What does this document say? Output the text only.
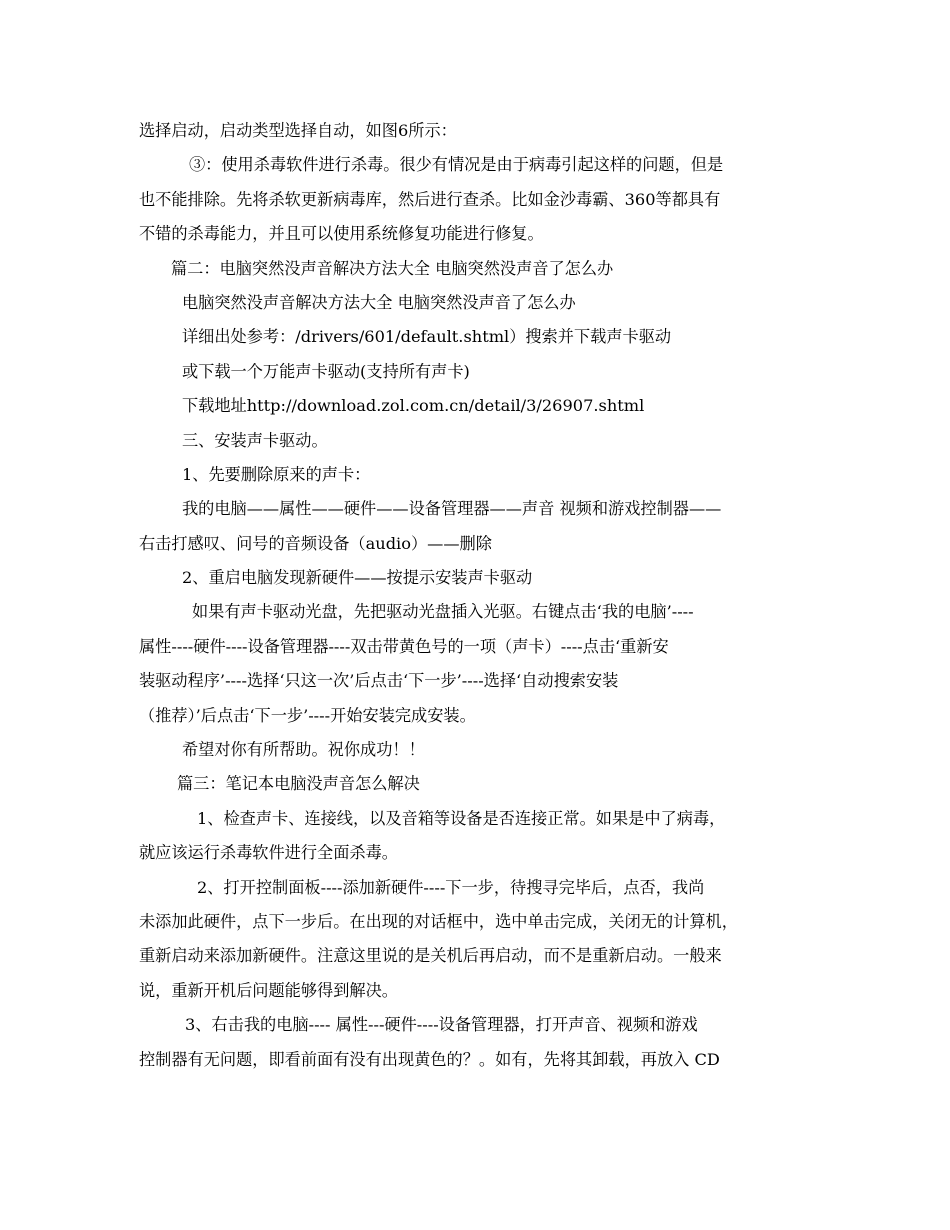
选择启动，启动类型选择自动，如图6所示：
③：使用杀毒软件进行杀毒。很少有情况是由于病毒引起这样的问题，但是
也不能排除。先将杀软更新病毒库，然后进行查杀。比如金沙毒霸、360等都具有
不错的杀毒能力，并且可以使用系统修复功能进行修复。
篇二：电脑突然没声音解决方法大全 电脑突然没声音了怎么办
电脑突然没声音解决方法大全 电脑突然没声音了怎么办
详细出处参考：/drivers/601/default.shtml）搜索并下载声卡驱动
或下载一个万能声卡驱动(支持所有声卡)
下载地址http://download.zol.com.cn/detail/3/26907.shtml
三、安装声卡驱动。
1、先要删除原来的声卡：
我的电脑——属性——硬件——设备管理器——声音 视频和游戏控制器——
右击打感叹、问号的音频设备（audio）——删除
2、重启电脑发现新硬件——按提示安装声卡驱动
如果有声卡驱动光盘，先把驱动光盘插入光驱。右键点击‘我的电脑’----
属性----硬件----设备管理器----双击带黄色号的一项（声卡）----点击‘重新安
装驱动程序’----选择‘只这一次’后点击‘下一步’----选择‘自动搜索安装
（推荐）’后点击‘下一步’----开始安装完成安装。
希望对你有所帮助。祝你成功！！
篇三：笔记本电脑没声音怎么解决
1、检查声卡、连接线，以及音箱等设备是否连接正常。如果是中了病毒，
就应该运行杀毒软件进行全面杀毒。
2、打开控制面板----添加新硬件----下一步，待搜寻完毕后，点否，我尚
未添加此硬件，点下一步后。在出现的对话框中，选中单击完成，关闭无的计算机，
重新启动来添加新硬件。注意这里说的是关机后再启动，而不是重新启动。一般来
说，重新开机后问题能够得到解决。
3、右击我的电脑---- 属性---硬件----设备管理器，打开声音、视频和游戏
控制器有无问题，即看前面有没有出现黄色的？。如有，先将其卸载，再放入 CD
